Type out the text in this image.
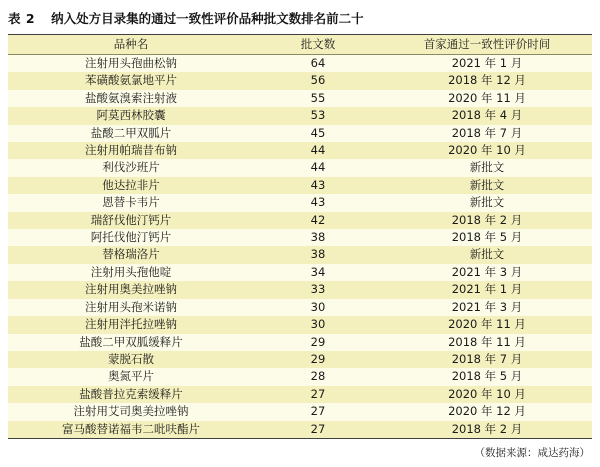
表 2 纳入处方目录集的通过一致性评价品种批文数排名前二十
品种名	批文数	首家通过一致性评价时间
注射用头孢曲松钠	64	2021 年 1 月
苯磺酸氨氯地平片	56	2018 年 12 月
盐酸氨溴索注射液	55	2020 年 11 月
阿莫西林胶囊	53	2018 年 4 月
盐酸二甲双胍片	45	2018 年 7 月
注射用帕瑞昔布钠	44	2020 年 10 月
利伐沙班片	44	新批文
他达拉非片	43	新批文
恩替卡韦片	43	新批文
瑞舒伐他汀钙片	42	2018 年 2 月
阿托伐他汀钙片	38	2018 年 5 月
替格瑞洛片	38	新批文
注射用头孢他啶	34	2021 年 3 月
注射用奥美拉唑钠	33	2021 年 1 月
注射用头孢米诺钠	30	2021 年 3 月
注射用泮托拉唑钠	30	2020 年 11 月
盐酸二甲双胍缓释片	29	2018 年 11 月
蒙脱石散	29	2018 年 7 月
奥氮平片	28	2018 年 5 月
盐酸普拉克索缓释片	27	2020 年 10 月
注射用艾司奥美拉唑钠	27	2020 年 12 月
富马酸替诺福韦二吡呋酯片	27	2018 年 2 月
（数据来源：咸达药海）
